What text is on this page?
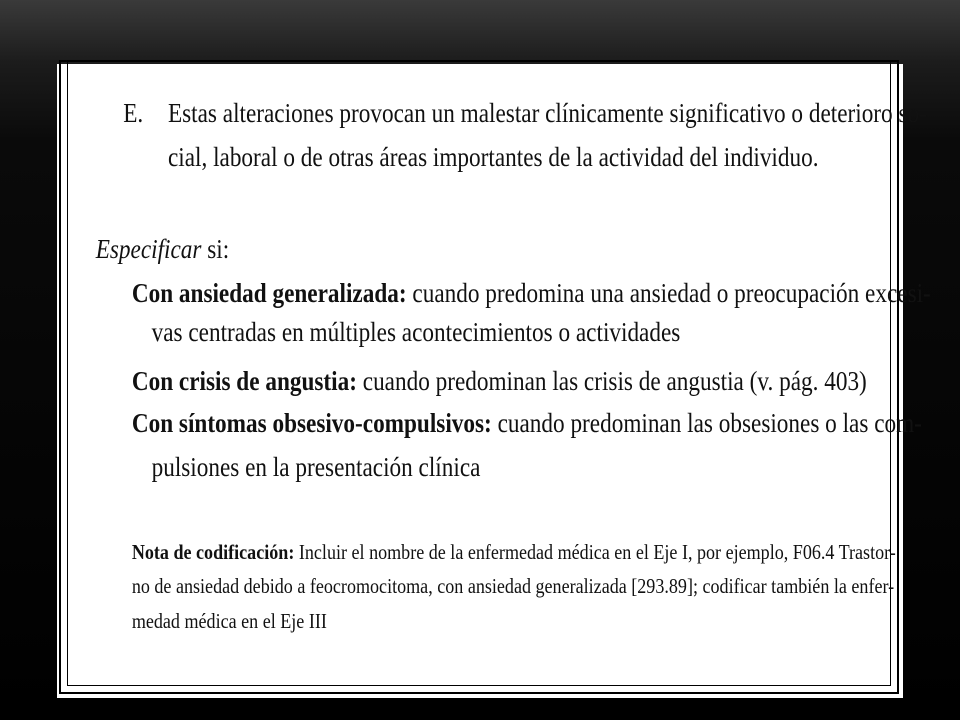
E. Estas alteraciones provocan un malestar clínicamente significativo o deterioro so-
cial, laboral o de otras áreas importantes de la actividad del individuo.
Especificar si:
Con ansiedad generalizada: cuando predomina una ansiedad o preocupación excesi-
vas centradas en múltiples acontecimientos o actividades
Con crisis de angustia: cuando predominan las crisis de angustia (v. pág. 403)
Con síntomas obsesivo-compulsivos: cuando predominan las obsesiones o las com-
pulsiones en la presentación clínica
Nota de codificación: Incluir el nombre de la enfermedad médica en el Eje I, por ejemplo, F06.4 Trastor-
no de ansiedad debido a feocromocitoma, con ansiedad generalizada [293.89]; codificar también la enfer-
medad médica en el Eje III
